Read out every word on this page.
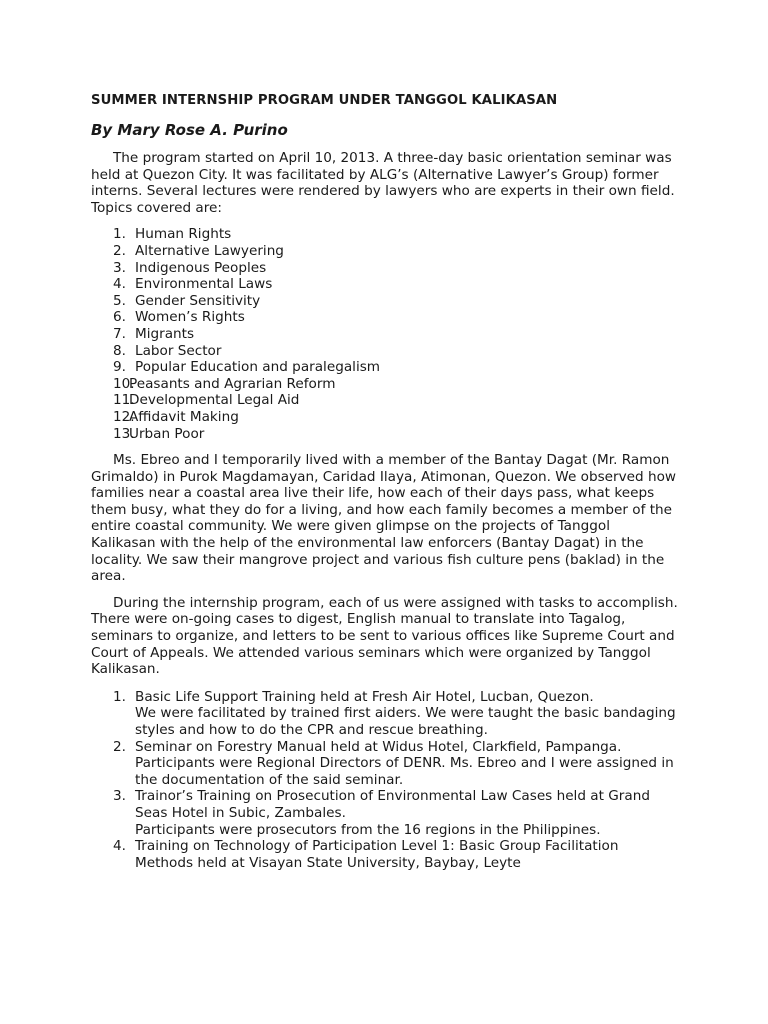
SUMMER INTERNSHIP PROGRAM UNDER TANGGOL KALIKASAN

By Mary Rose A. Purino

The program started on April 10, 2013. A three-day basic orientation seminar was held at Quezon City. It was facilitated by ALG’s (Alternative Lawyer’s Group) former interns. Several lectures were rendered by lawyers who are experts in their own field. Topics covered are:

1. Human Rights
2. Alternative Lawyering
3. Indigenous Peoples
4. Environmental Laws
5. Gender Sensitivity
6. Women’s Rights
7. Migrants
8. Labor Sector
9. Popular Education and paralegalism
10.
Peasants and Agrarian Reform
11.
Developmental Legal Aid
12.
Affidavit Making
13.
Urban Poor

Ms. Ebreo and I temporarily lived with a member of the Bantay Dagat (Mr. Ramon Grimaldo) in Purok Magdamayan, Caridad Ilaya, Atimonan, Quezon. We observed how families near a coastal area live their life, how each of their days pass, what keeps them busy, what they do for a living, and how each family becomes a member of the entire coastal community. We were given glimpse on the projects of Tanggol Kalikasan with the help of the environmental law enforcers (Bantay Dagat) in the locality. We saw their mangrove project and various fish culture pens (baklad) in the area.

During the internship program, each of us were assigned with tasks to accomplish. There were on-going cases to digest, English manual to translate into Tagalog, seminars to organize, and letters to be sent to various offices like Supreme Court and Court of Appeals. We attended various seminars which were organized by Tanggol Kalikasan.

1. Basic Life Support Training held at Fresh Air Hotel, Lucban, Quezon.
We were facilitated by trained first aiders. We were taught the basic bandaging styles and how to do the CPR and rescue breathing.
2. Seminar on Forestry Manual held at Widus Hotel, Clarkfield, Pampanga.
Participants were Regional Directors of DENR. Ms. Ebreo and I were assigned in the documentation of the said seminar.
3. Trainor’s Training on Prosecution of Environmental Law Cases held at Grand Seas Hotel in Subic, Zambales.
Participants were prosecutors from the 16 regions in the Philippines.
4. Training on Technology of Participation Level 1: Basic Group Facilitation Methods held at Visayan State University, Baybay, Leyte
